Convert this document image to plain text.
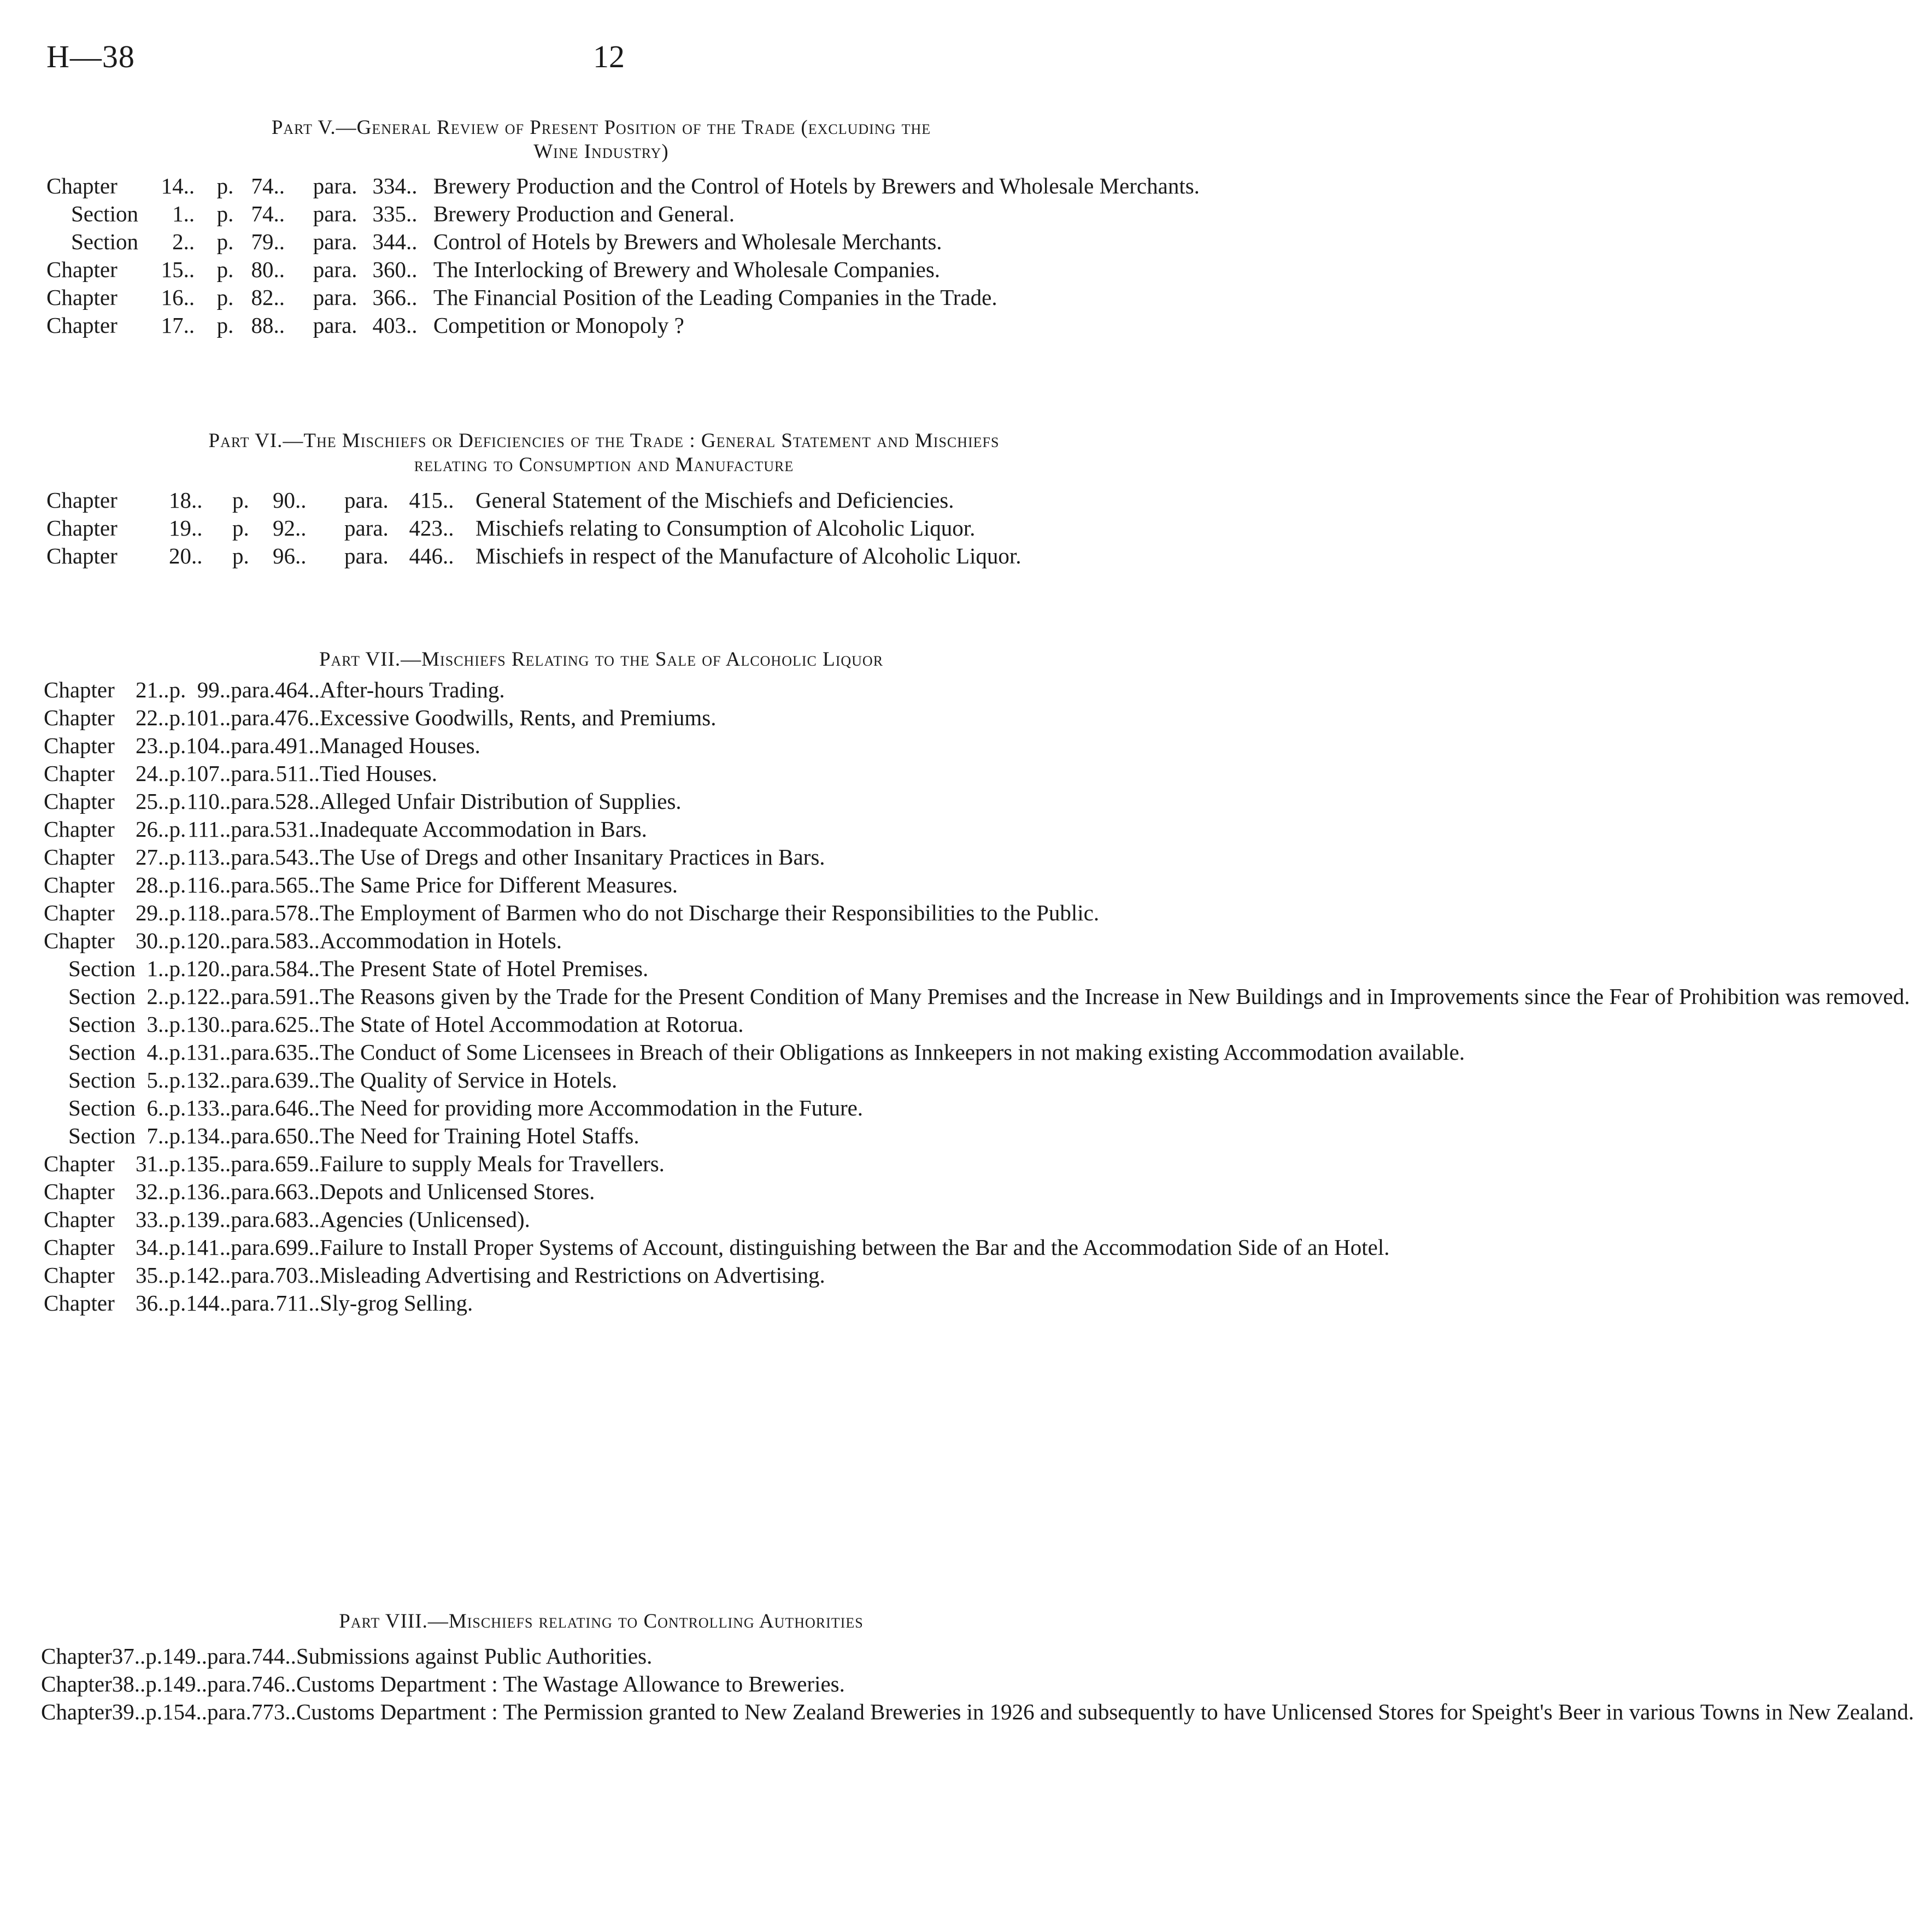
H—38	12
Part V.—General Review of Present Position of the Trade (excluding the
Wine Industry)
Chapter	14	..	p.	74	..	para.	334	..	Brewery Production and the Control of Hotels by Brewers and Wholesale Merchants.

Section	1	..	p.	74	..	para.	335	..	Brewery Production and General.

Section	2	..	p.	79	..	para.	344	..	Control of Hotels by Brewers and Wholesale Merchants.

Chapter	15	..	p.	80	..	para.	360	..	The Interlocking of Brewery and Wholesale Companies.

Chapter	16	..	p.	82	..	para.	366	..	The Financial Position of the Leading Companies in the Trade.

Chapter	17	..	p.	88	..	para.	403	..	Competition or Monopoly ?
Part VI.—The Mischiefs or Deficiencies of the Trade : General Statement and Mischiefs
relating to Consumption and Manufacture
Chapter	18	..	p.	90	..	para.	415	..	General Statement of the Mischiefs and Deficiencies.

Chapter	19	..	p.	92	..	para.	423	..	Mischiefs relating to Consumption of Alcoholic Liquor.

Chapter	20	..	p.	96	..	para.	446	..	Mischiefs in respect of the Manufacture of Alcoholic Liquor.
Part VII.—Mischiefs Relating to the Sale of Alcoholic Liquor
Chapter	21	..	p.	99	..	para.	464	..	After-hours Trading.

Chapter	22	..	p.	101	..	para.	476	..	Excessive Goodwills, Rents, and Premiums.

Chapter	23	..	p.	104	..	para.	491	..	Managed Houses.

Chapter	24	..	p.	107	..	para.	511	..	Tied Houses.

Chapter	25	..	p.	110	..	para.	528	..	Alleged Unfair Distribution of Supplies.

Chapter	26	..	p.	111	..	para.	531	..	Inadequate Accommodation in Bars.

Chapter	27	..	p.	113	..	para.	543	..	The Use of Dregs and other Insanitary Practices in Bars.

Chapter	28	..	p.	116	..	para.	565	..	The Same Price for Different Measures.

Chapter	29	..	p.	118	..	para.	578	..	The Employment of Barmen who do not Discharge their Responsibilities to the Public.

Chapter	30	..	p.	120	..	para.	583	..	Accommodation in Hotels.

Section	1	..	p.	120	..	para.	584	..	The Present State of Hotel Premises.

Section	2	..	p.	122	..	para.	591	..	The Reasons given by the Trade for the Present Condition of Many Premises and the Increase in New Buildings and in Improvements since the Fear of Prohibition was removed.

Section	3	..	p.	130	..	para.	625	..	The State of Hotel Accommodation at Rotorua.

Section	4	..	p.	131	..	para.	635	..	The Conduct of Some Licensees in Breach of their Obligations as Innkeepers in not making existing Accommodation available.

Section	5	..	p.	132	..	para.	639	..	The Quality of Service in Hotels.

Section	6	..	p.	133	..	para.	646	..	The Need for providing more Accommodation in the Future.

Section	7	..	p.	134	..	para.	650	..	The Need for Training Hotel Staffs.

Chapter	31	..	p.	135	..	para.	659	..	Failure to supply Meals for Travellers.

Chapter	32	..	p.	136	..	para.	663	..	Depots and Unlicensed Stores.

Chapter	33	..	p.	139	..	para.	683	..	Agencies (Unlicensed).

Chapter	34	..	p.	141	..	para.	699	..	Failure to Install Proper Systems of Account, distinguishing between the Bar and the Accommodation Side of an Hotel.

Chapter	35	..	p.	142	..	para.	703	..	Misleading Advertising and Restrictions on Advertising.

Chapter	36	..	p.	144	..	para.	711	..	Sly-grog Selling.
Part VIII.—Mischiefs relating to Controlling Authorities
Chapter	37	..	p.	149	..	para.	744	..	Submissions against Public Authorities.

Chapter	38	..	p.	149	..	para.	746	..	Customs Department : The Wastage Allowance to Breweries.

Chapter	39	..	p.	154	..	para.	773	..	Customs Department : The Permission granted to New Zealand Breweries in 1926 and subsequently to have Unlicensed Stores for Speight's Beer in various Towns in New Zealand.
